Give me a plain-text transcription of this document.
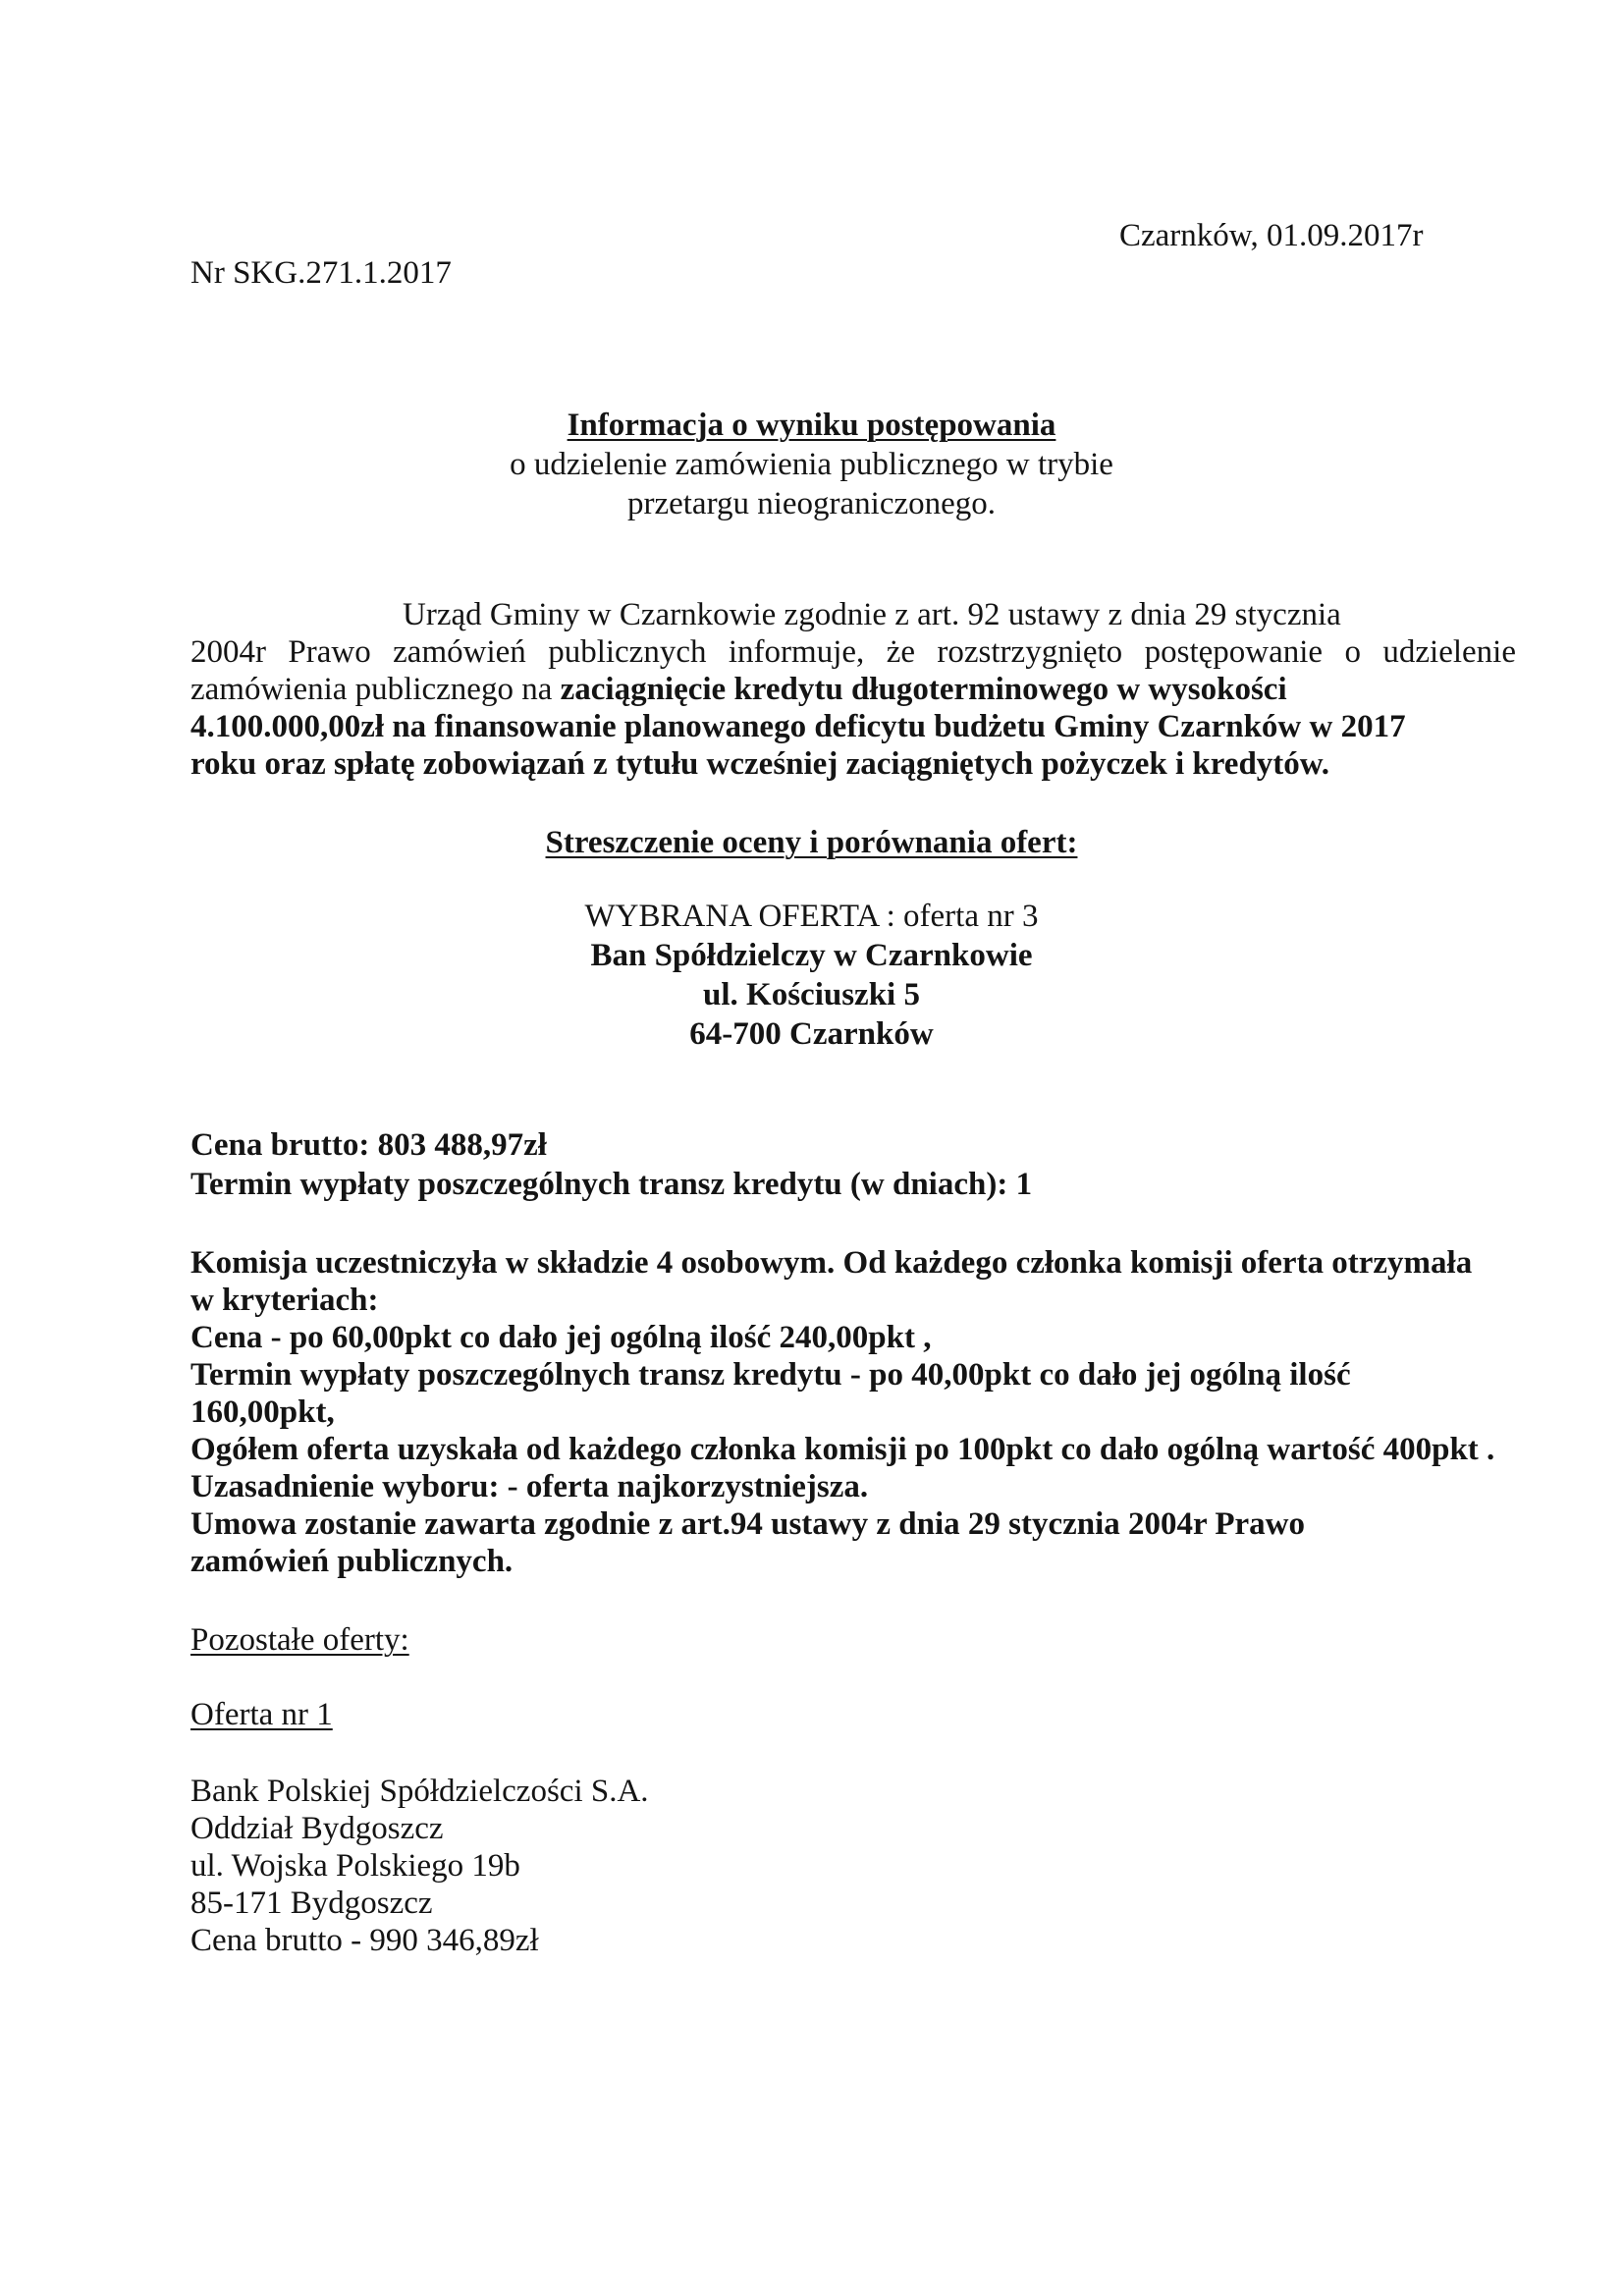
Nr SKG.271.1.2017
Czarnków, 01.09.2017r
Informacja o wyniku postępowania
o udzielenie zamówienia publicznego w trybie
przetargu nieograniczonego.
Urząd Gminy w Czarnkowie zgodnie z art. 92 ustawy z dnia 29 stycznia
2004r Prawo zamówień publicznych informuje, że rozstrzygnięto postępowanie o udzielenie
zamówienia publicznego na zaciągnięcie kredytu długoterminowego w wysokości
4.100.000,00zł na finansowanie planowanego deficytu budżetu Gminy Czarnków w 2017
roku oraz spłatę zobowiązań z tytułu wcześniej zaciągniętych pożyczek i kredytów.
Streszczenie oceny i porównania ofert:
WYBRANA OFERTA : oferta nr 3
Ban Spółdzielczy w Czarnkowie
ul. Kościuszki 5
64-700 Czarnków
Cena brutto: 803 488,97zł
Termin wypłaty poszczególnych transz kredytu (w dniach): 1
Komisja uczestniczyła w składzie 4 osobowym. Od każdego członka komisji oferta otrzymała
w kryteriach:
Cena - po 60,00pkt co dało jej ogólną ilość 240,00pkt ,
Termin wypłaty poszczególnych transz kredytu - po 40,00pkt co dało jej ogólną ilość
160,00pkt,
Ogółem oferta uzyskała od każdego członka komisji po 100pkt co dało ogólną wartość 400pkt .
Uzasadnienie wyboru: - oferta najkorzystniejsza.
Umowa zostanie zawarta zgodnie z art.94 ustawy z dnia 29 stycznia 2004r Prawo
zamówień publicznych.
Pozostałe oferty:
Oferta nr 1
Bank Polskiej Spółdzielczości S.A.
Oddział Bydgoszcz
ul. Wojska Polskiego 19b
85-171 Bydgoszcz
Cena brutto - 990 346,89zł
